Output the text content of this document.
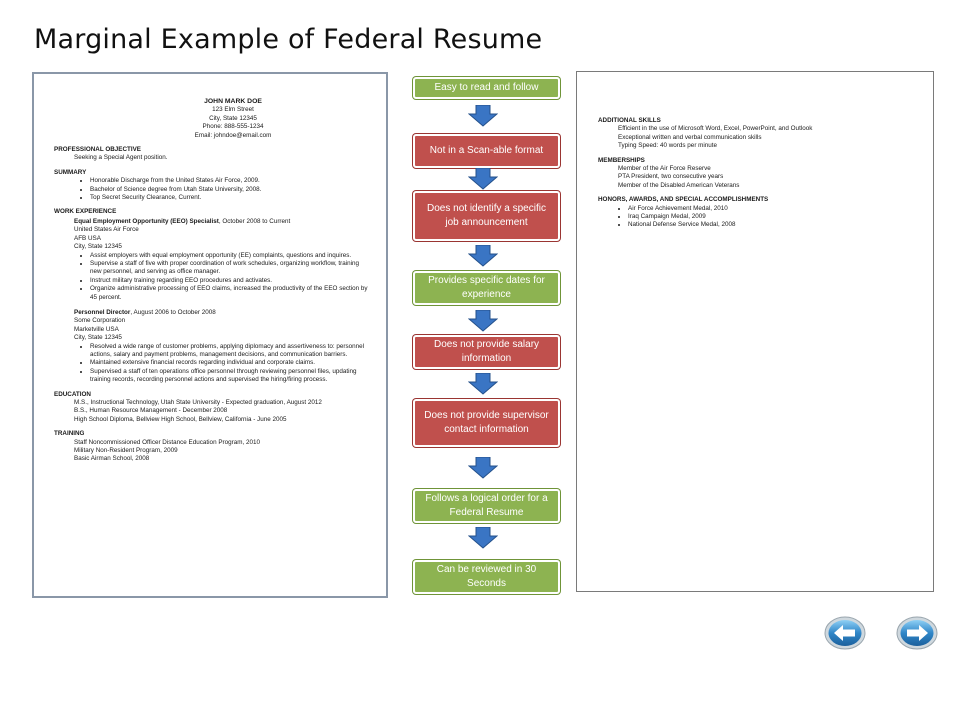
Marginal Example of Federal Resume
JOHN MARK DOE
123 Elm Street
City, State 12345
Phone: 888-555-1234
Email: johndoe@email.com
PROFESSIONAL OBJECTIVE
Seeking a Special Agent position.
SUMMARY
• Honorable Discharge from the United States Air Force, 2009.
• Bachelor of Science degree from Utah State University, 2008.
• Top Secret Security Clearance, Current.
WORK EXPERIENCE
Equal Employment Opportunity (EEO) Specialist, October 2008 to Current
United States Air Force
AFB USA
City, State 12345
• Assist employers with equal employment opportunity (EE) complaints, questions and inquires.
• Supervise a staff of five with proper coordination of work schedules, organizing workflow, training new personnel, and serving as office manager.
• Instruct military training regarding EEO procedures and activates.
• Organize administrative processing of EEO claims, increased the productivity of the EEO section by 45 percent.
Personnel Director, August 2006 to October 2008
Some Corporation
Marketville USA
City, State 12345
• Resolved a wide range of customer problems, applying diplomacy and assertiveness to: personnel actions, salary and payment problems, management decisions, and communication barriers.
• Maintained extensive financial records regarding individual and corporate claims.
• Supervised a staff of ten operations office personnel through reviewing personnel files, updating training records, recording personnel actions and supervised the hiring/firing process.
EDUCATION
M.S., Instructional Technology, Utah State University - Expected graduation, August 2012
B.S., Human Resource Management - December 2008
High School Diploma, Bellview High School, Bellview, California - June 2005
TRAINING
Staff Noncommissioned Officer Distance Education Program, 2010
Military Non-Resident Program, 2009
Basic Airman School, 2008
ADDITIONAL SKILLS
Efficient in the use of Microsoft Word, Excel, PowerPoint, and Outlook
Exceptional written and verbal communication skills
Typing Speed: 40 words per minute
MEMBERSHIPS
Member of the Air Force Reserve
PTA President, two consecutive years
Member of the Disabled American Veterans
HONORS, AWARDS, AND SPECIAL ACCOMPLISHMENTS
• Air Force Achievement Medal, 2010
• Iraq Campaign Medal, 2009
• National Defense Service Medal, 2008
Easy to read and follow
Not in a Scan-able format
Does not identify a specific job announcement
Provides specific dates for experience
Does not provide salary information
Does not provide supervisor contact information
Follows a logical order for a Federal Resume
Can be reviewed in 30 Seconds
